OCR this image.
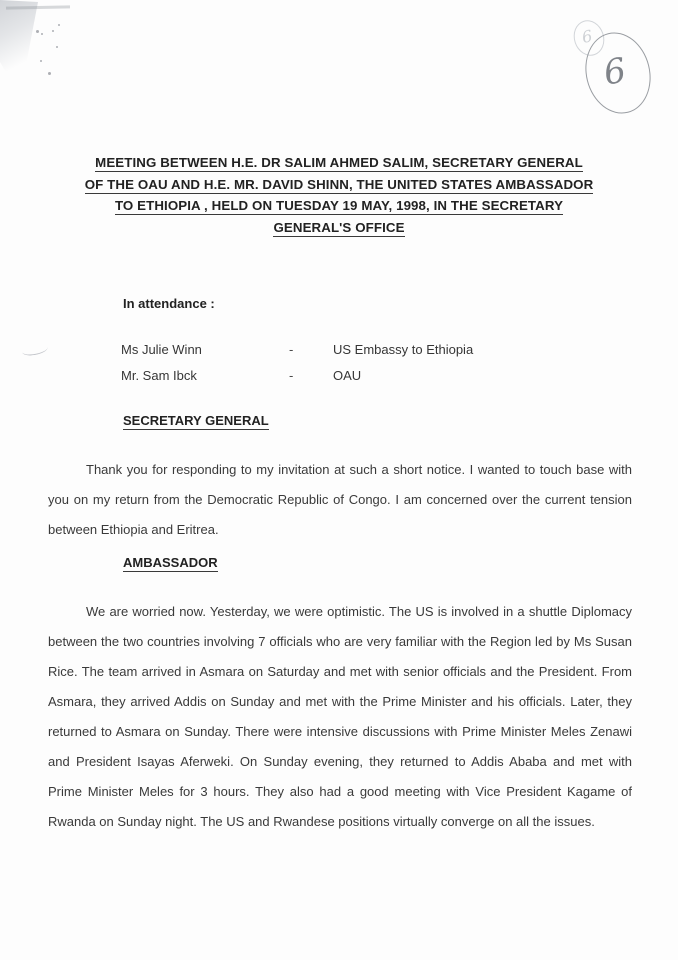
6
6
MEETING BETWEEN H.E. DR SALIM AHMED SALIM, SECRETARY GENERAL
OF THE OAU AND H.E. MR. DAVID SHINN, THE UNITED STATES AMBASSADOR
TO ETHIOPIA , HELD ON TUESDAY 19 MAY, 1998, IN THE SECRETARY
GENERAL'S OFFICE
In attendance :
Ms Julie Winn	-	US Embassy to Ethiopia
Mr. Sam Ibck	-	OAU
SECRETARY GENERAL
Thank you for responding to my invitation at such a short notice. I wanted to touch base with you on my return from the Democratic Republic of Congo. I am concerned over the current tension between Ethiopia and Eritrea.
AMBASSADOR
We are worried now. Yesterday, we were optimistic. The US is involved in a shuttle Diplomacy between the two countries involving 7 officials who are very familiar with the Region led by Ms Susan Rice. The team arrived in Asmara on Saturday and met with senior officials and the President. From Asmara, they arrived Addis on Sunday and met with the Prime Minister and his officials. Later, they returned to Asmara on Sunday. There were intensive discussions with Prime Minister Meles Zenawi and President Isayas Aferweki. On Sunday evening, they returned to Addis Ababa and met with Prime Minister Meles for 3 hours. They also had a good meeting with Vice President Kagame of Rwanda on Sunday night. The US and Rwandese positions virtually converge on all the issues.
